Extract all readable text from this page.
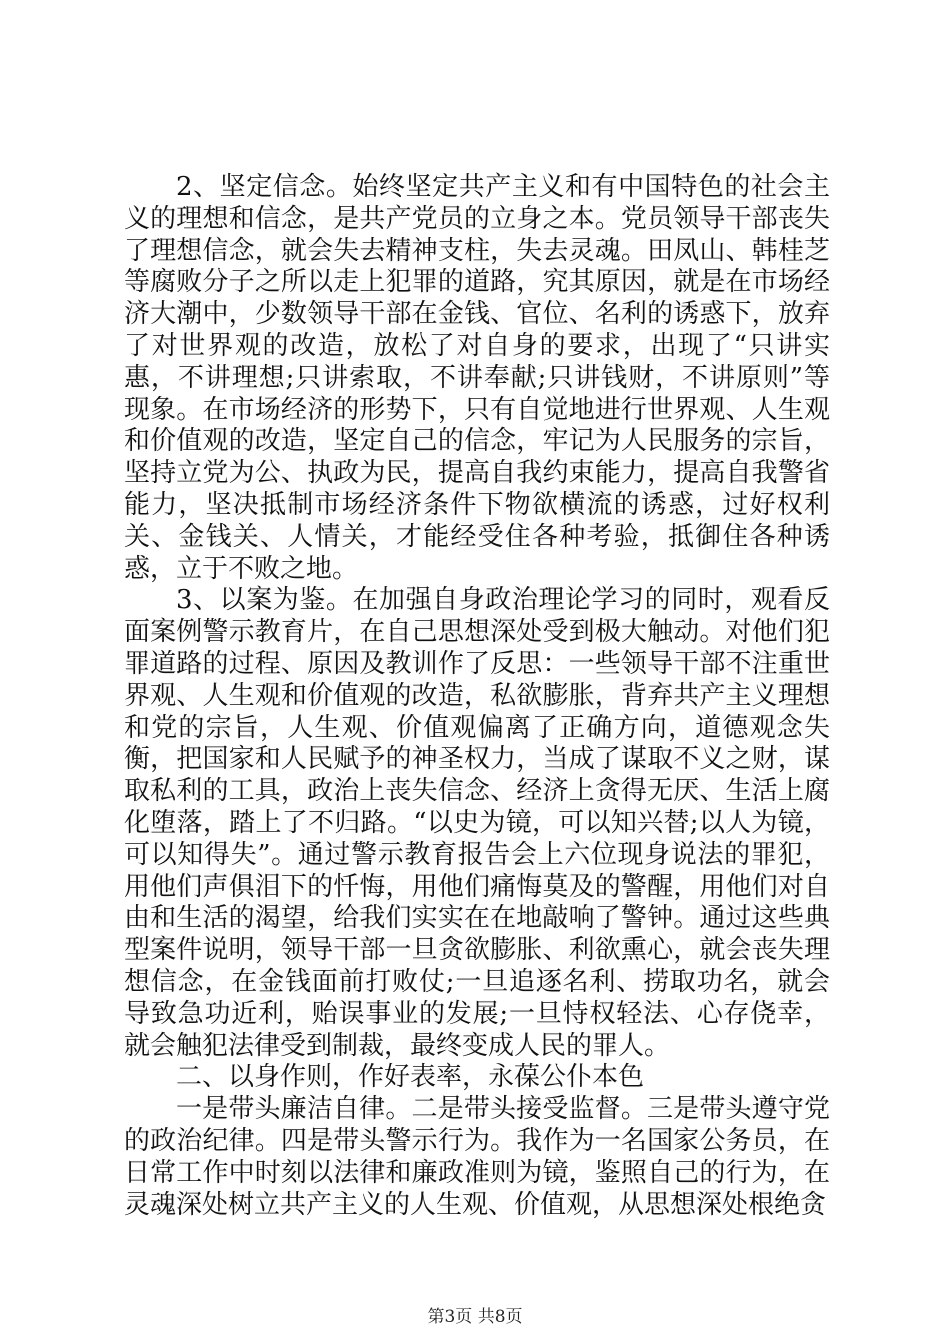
2、坚定信念。始终坚定共产主义和有中国特色的社会主义的理想和信念，是共产党员的立身之本。党员领导干部丧失了理想信念，就会失去精神支柱，失去灵魂。田凤山、韩桂芝等腐败分子之所以走上犯罪的道路，究其原因，就是在市场经济大潮中，少数领导干部在金钱、官位、名利的诱惑下，放弃了对世界观的改造，放松了对自身的要求，出现了“只讲实惠，不讲理想;只讲索取，不讲奉献;只讲钱财，不讲原则”等现象。在市场经济的形势下，只有自觉地进行世界观、人生观和价值观的改造，坚定自己的信念，牢记为人民服务的宗旨，坚持立党为公、执政为民，提高自我约束能力，提高自我警省能力，坚决抵制市场经济条件下物欲横流的诱惑，过好权利关、金钱关、人情关，才能经受住各种考验，抵御住各种诱惑，立于不败之地。

3、以案为鉴。在加强自身政治理论学习的同时，观看反面案例警示教育片，在自己思想深处受到极大触动。对他们犯罪道路的过程、原因及教训作了反思：一些领导干部不注重世界观、人生观和价值观的改造，私欲膨胀，背弃共产主义理想和党的宗旨，人生观、价值观偏离了正确方向，道德观念失衡，把国家和人民赋予的神圣权力，当成了谋取不义之财，谋取私利的工具，政治上丧失信念、经济上贪得无厌、生活上腐化堕落，踏上了不归路。“以史为镜，可以知兴替;以人为镜，可以知得失”。通过警示教育报告会上六位现身说法的罪犯，用他们声俱泪下的忏悔，用他们痛悔莫及的警醒，用他们对自由和生活的渴望，给我们实实在在地敲响了警钟。通过这些典型案件说明，领导干部一旦贪欲膨胀、利欲熏心，就会丧失理想信念，在金钱面前打败仗;一旦追逐名利、捞取功名，就会导致急功近利，贻误事业的发展;一旦恃权轻法、心存侥幸，就会触犯法律受到制裁，最终变成人民的罪人。

二、以身作则，作好表率，永葆公仆本色

一是带头廉洁自律。二是带头接受监督。三是带头遵守党的政治纪律。四是带头警示行为。我作为一名国家公务员，在日常工作中时刻以法律和廉政准则为镜，鉴照自己的行为，在灵魂深处树立共产主义的人生观、价值观，从思想深处根绝贪

第3页 共8页
